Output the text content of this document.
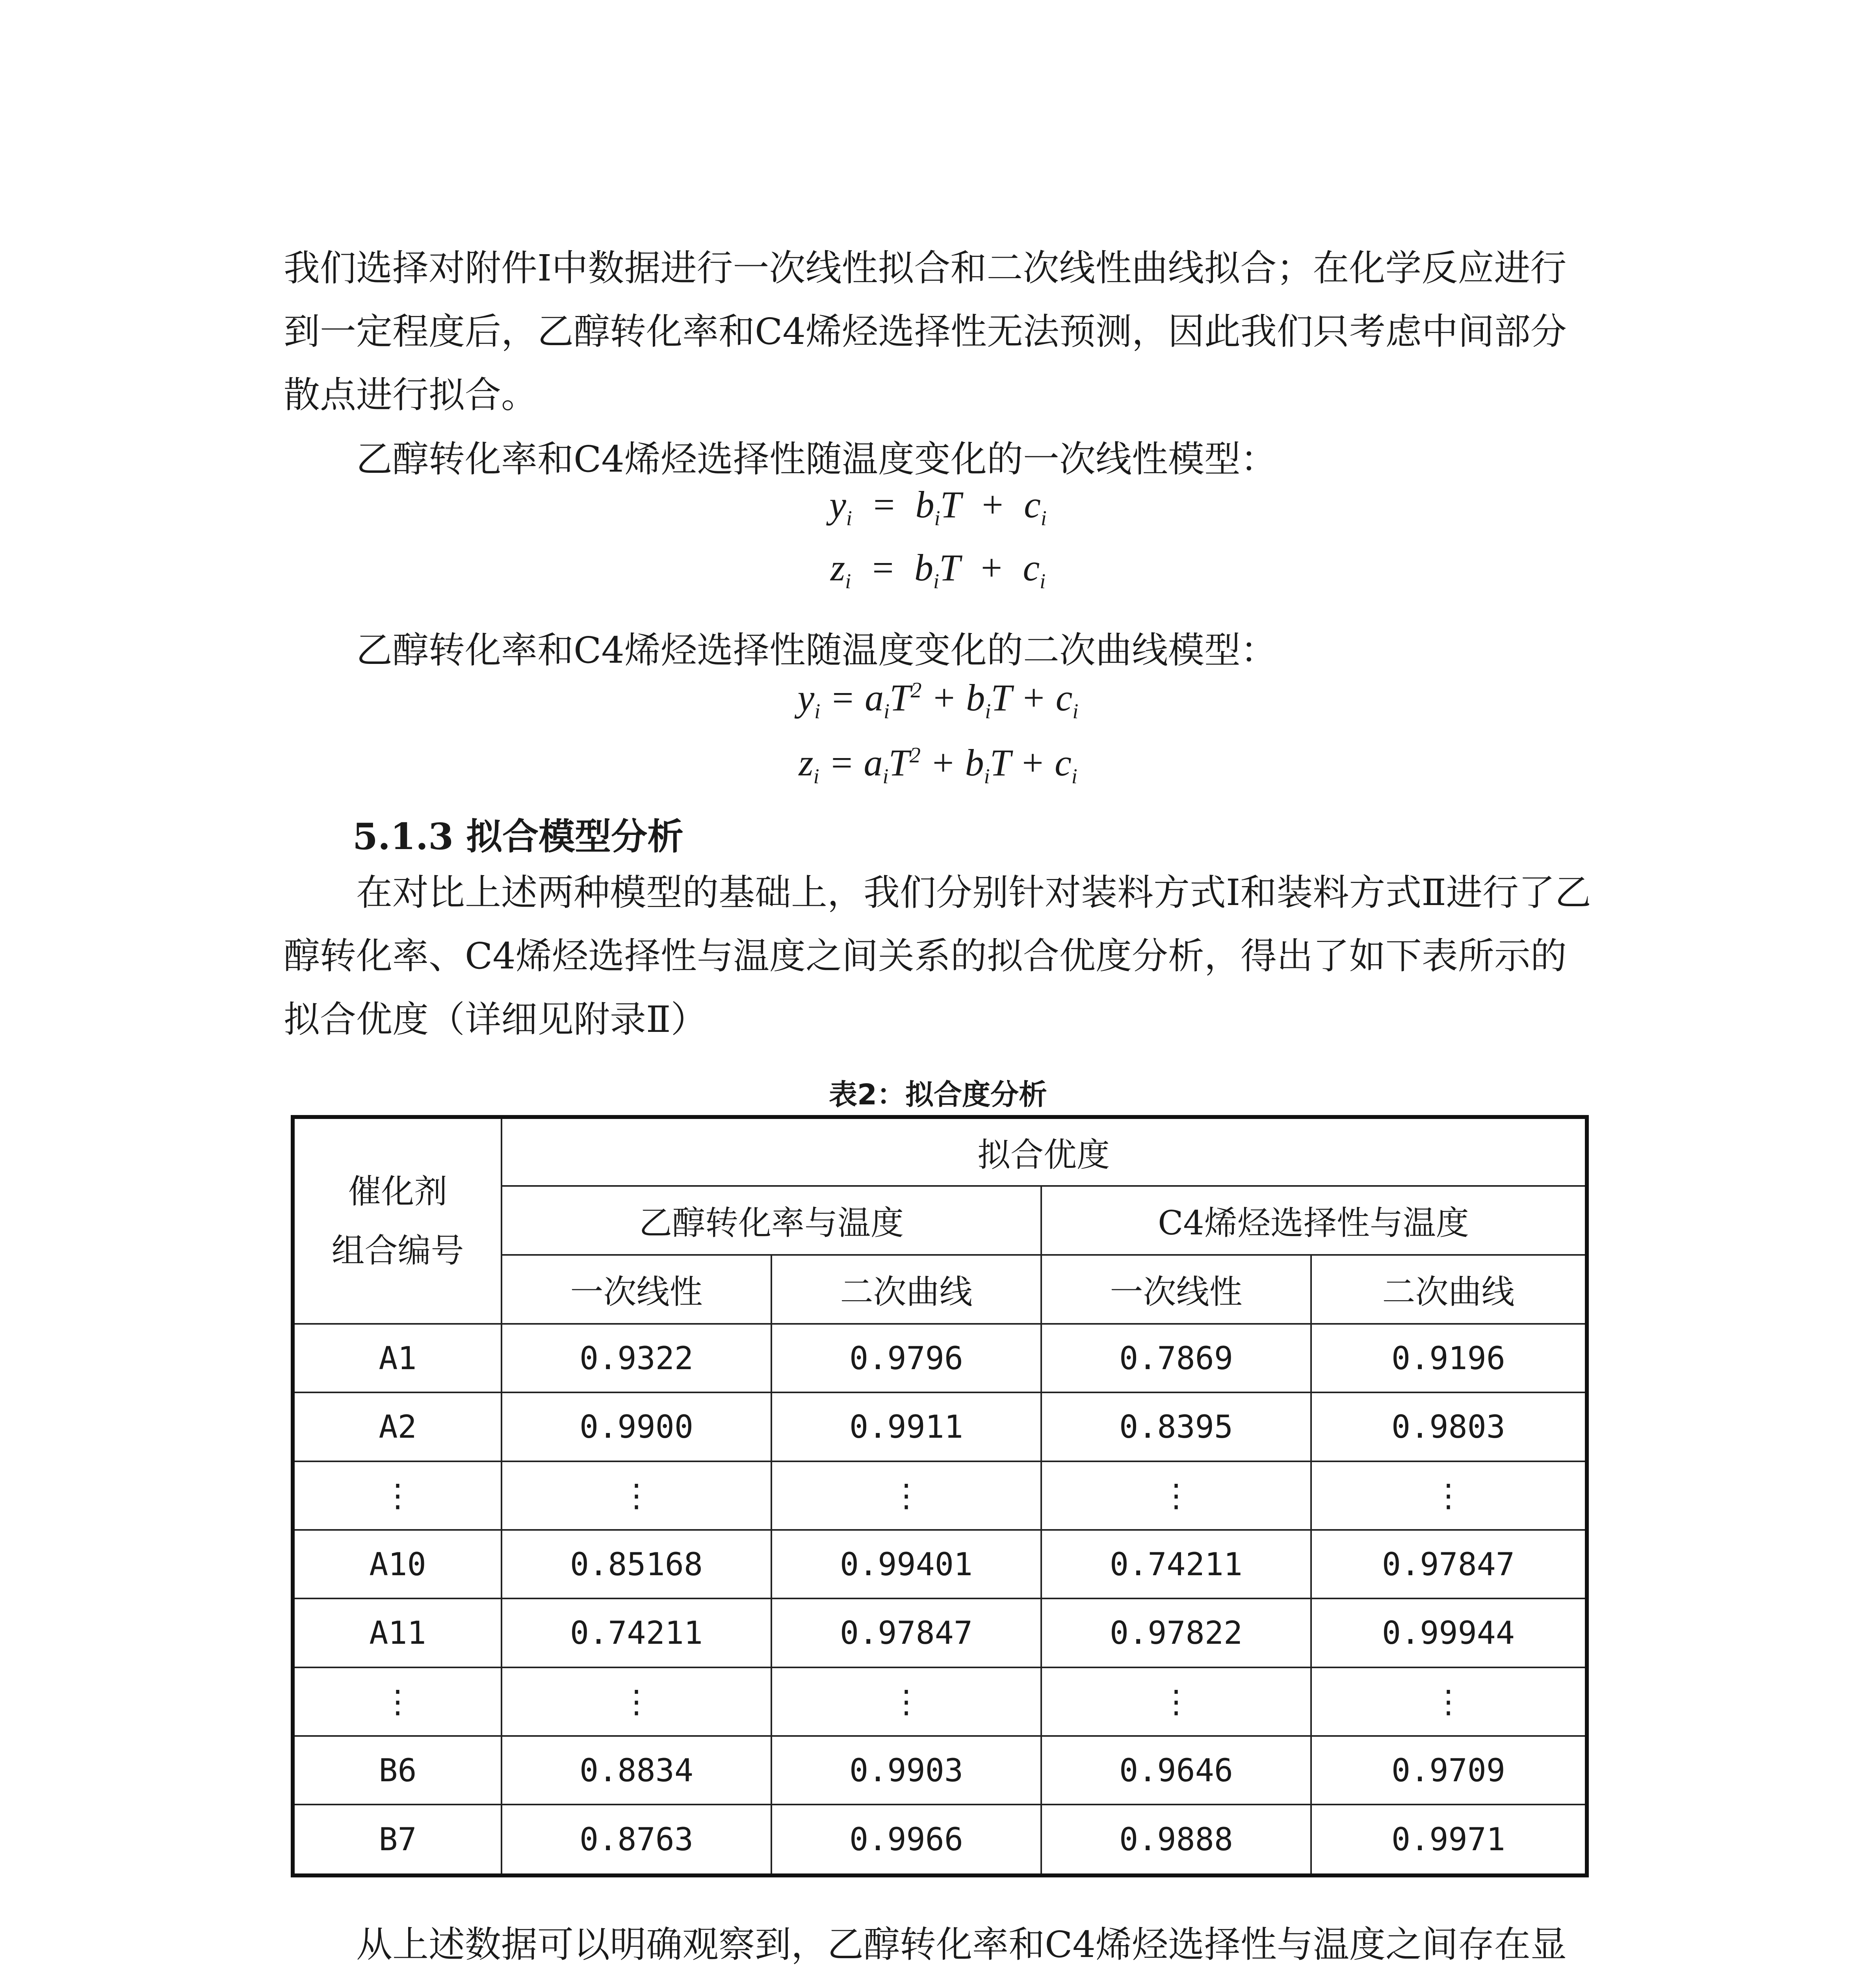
我们选择对附件Ⅰ中数据进行一次线性拟合和二次线性曲线拟合；在化学反应进行到一定程度后，乙醇转化率和C4烯烃选择性无法预测，因此我们只考虑中间部分散点进行拟合。

乙醇转化率和C4烯烃选择性随温度变化的一次线性模型：

$y_i = b_iT + c_i$
$z_i = b_iT + c_i$

乙醇转化率和C4烯烃选择性随温度变化的二次曲线模型：

$y_i = a_iT^2 + b_iT + c_i$
$z_i = a_iT^2 + b_iT + c_i$
5.1.3 拟合模型分析

在对比上述两种模型的基础上，我们分别针对装料方式Ⅰ和装料方式Ⅱ进行了乙醇转化率、C4烯烃选择性与温度之间关系的拟合优度分析，得出了如下表所示的拟合优度（详细见附录Ⅱ）

表2：拟合度分析
催化剂
组合编号	拟合优度			
	乙醇转化率与温度		C4烯烃选择性与温度	
	一次线性	二次曲线	一次线性	二次曲线
A1	0.9322	0.9796	0.7869	0.9196
A2	0.9900	0.9911	0.8395	0.9803
⋮	⋮	⋮	⋮	⋮
A10	0.85168	0.99401	0.74211	0.97847
A11	0.74211	0.97847	0.97822	0.99944
⋮	⋮	⋮	⋮	⋮
B6	0.8834	0.9903	0.9646	0.9709
B7	0.8763	0.9966	0.9888	0.9971

从上述数据可以明确观察到，乙醇转化率和C4烯烃选择性与温度之间存在显
